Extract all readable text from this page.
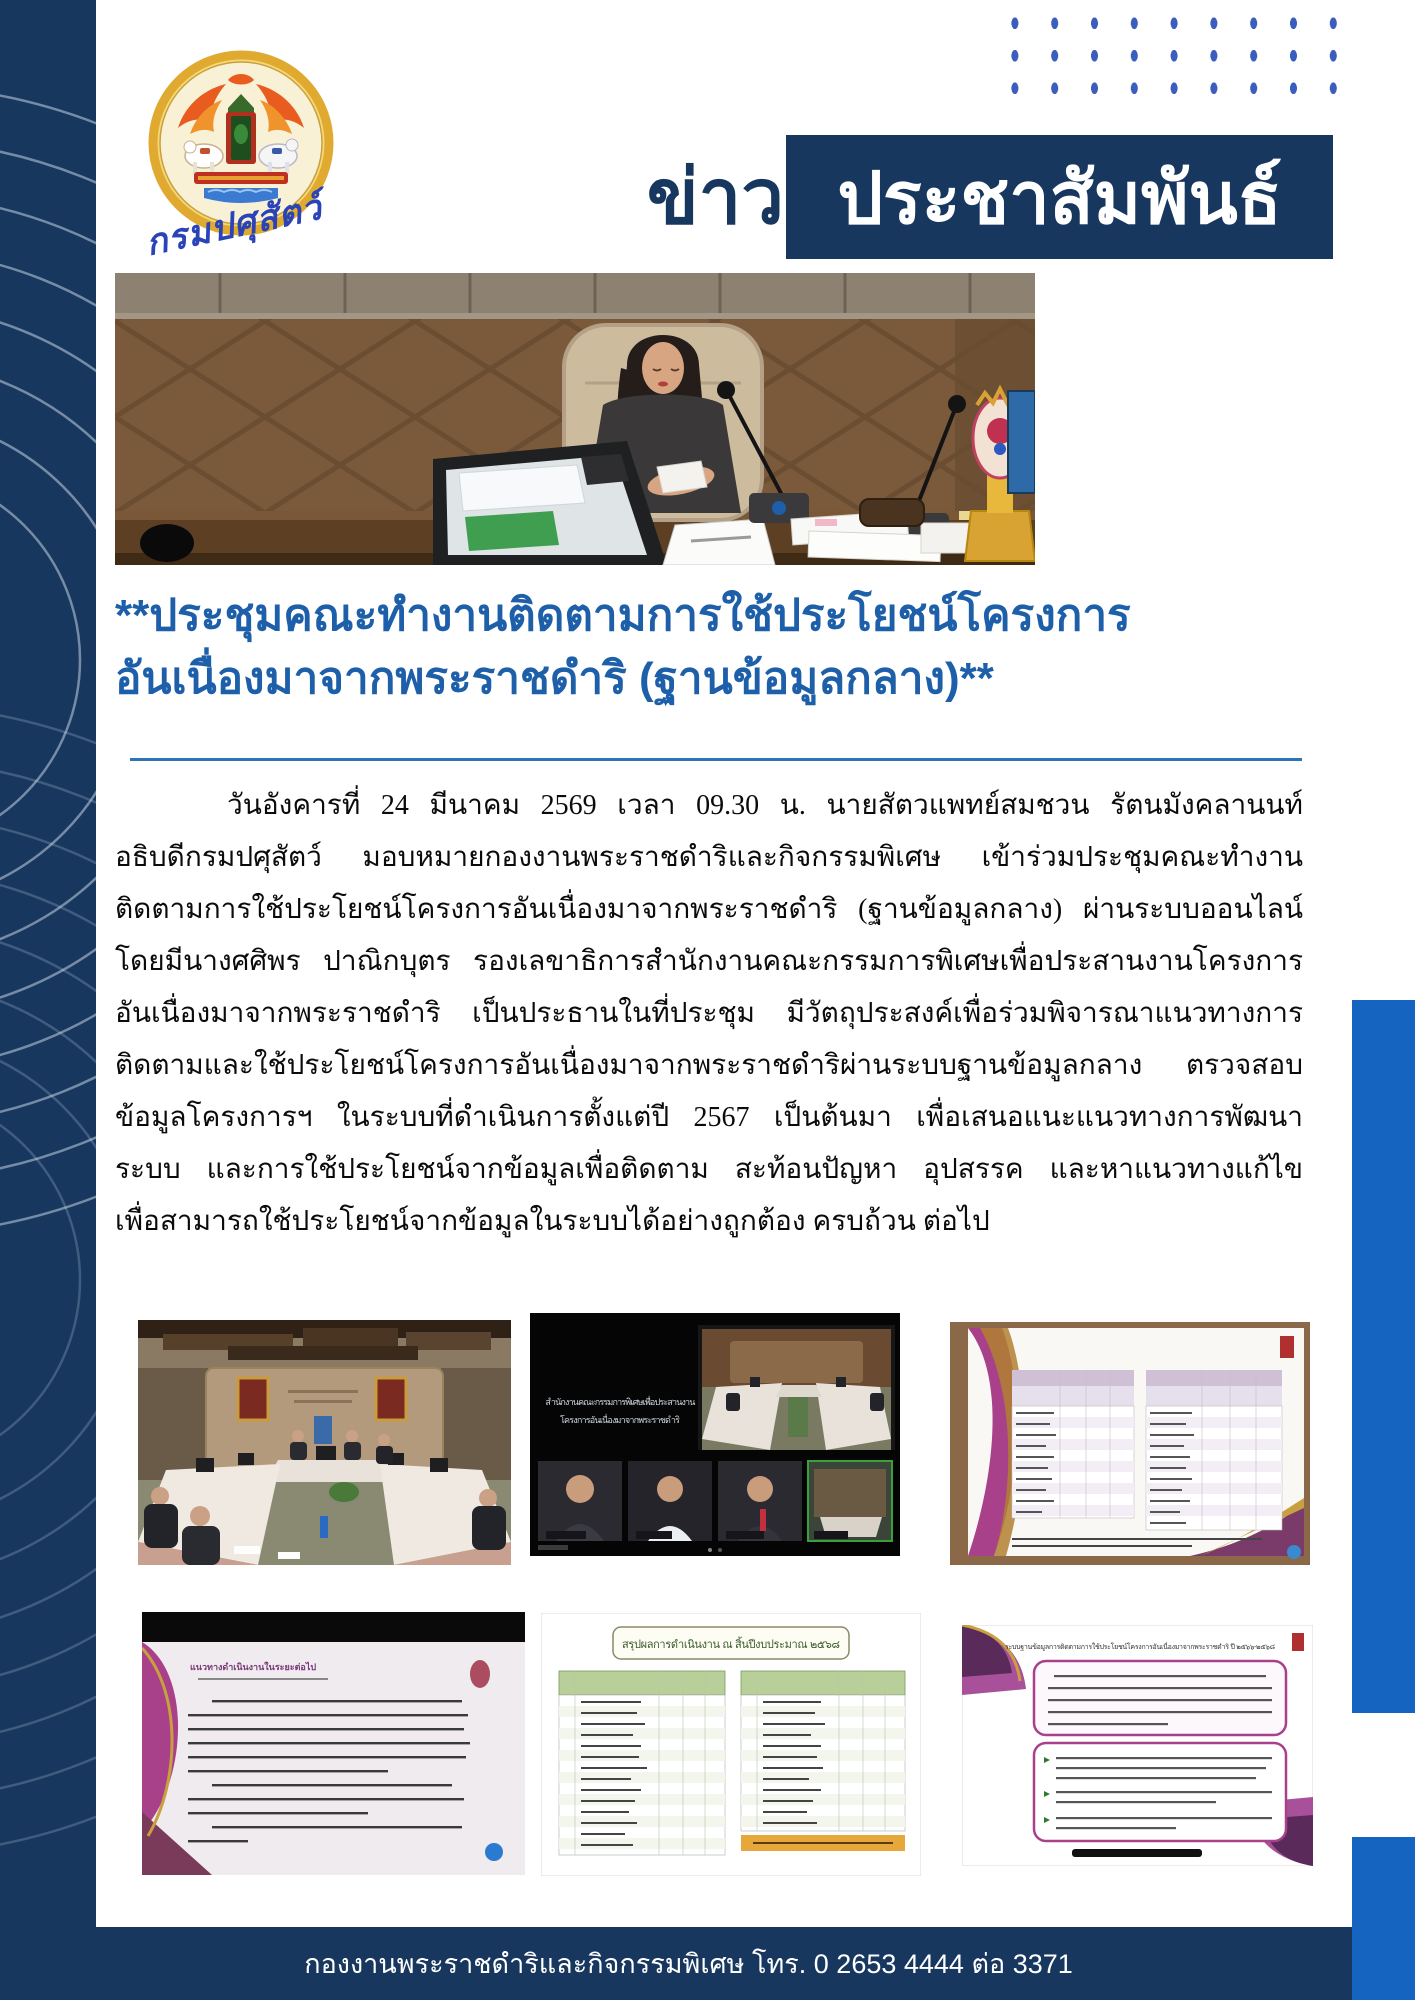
กรมปศุสัตว์	ข่าว ประชาสัมพันธ์
**ประชุมคณะทำงานติดตามการใช้ประโยชน์โครงการ
อันเนื่องมาจากพระราชดำริ (ฐานข้อมูลกลาง)**
วันอังคารที่ 24 มีนาคม 2569 เวลา 09.30 น. นายสัตวแพทย์สมชวน รัตนมังคลานนท์
อธิบดีกรมปศุสัตว์ มอบหมายกองงานพระราชดำริและกิจกรรมพิเศษ เข้าร่วมประชุมคณะทำงาน
ติดตามการใช้ประโยชน์โครงการอันเนื่องมาจากพระราชดำริ (ฐานข้อมูลกลาง) ผ่านระบบออนไลน์
โดยมีนางศศิพร ปาณิกบุตร รองเลขาธิการสำนักงานคณะกรรมการพิเศษเพื่อประสานงานโครงการ
อันเนื่องมาจากพระราชดำริ เป็นประธานในที่ประชุม มีวัตถุประสงค์เพื่อร่วมพิจารณาแนวทางการ
ติดตามและใช้ประโยชน์โครงการอันเนื่องมาจากพระราชดำริผ่านระบบฐานข้อมูลกลาง ตรวจสอบ
ข้อมูลโครงการฯ ในระบบที่ดำเนินการตั้งแต่ปี 2567 เป็นต้นมา เพื่อเสนอแนะแนวทางการพัฒนา
ระบบ และการใช้ประโยชน์จากข้อมูลเพื่อติดตาม สะท้อนปัญหา อุปสรรค และหาแนวทางแก้ไข
เพื่อสามารถใช้ประโยชน์จากข้อมูลในระบบได้อย่างถูกต้อง ครบถ้วน ต่อไป
สำนักงานคณะกรรมการพิเศษเพื่อประสานงาน
โครงการอันเนื่องมาจากพระราชดำริ
แนวทางดำเนินงานในระยะต่อไป
สรุปผลการดำเนินงาน ณ สิ้นปีงบประมาณ ๒๕๖๘	ระบบฐานข้อมูลการติดตามการใช้ประโยชน์โครงการอันเนื่องมาจากพระราชดำริ ปี ๒๕๖๖-๒๕๖๘
กองงานพระราชดำริและกิจกรรมพิเศษ โทร. 0 2653 4444 ต่อ 3371
